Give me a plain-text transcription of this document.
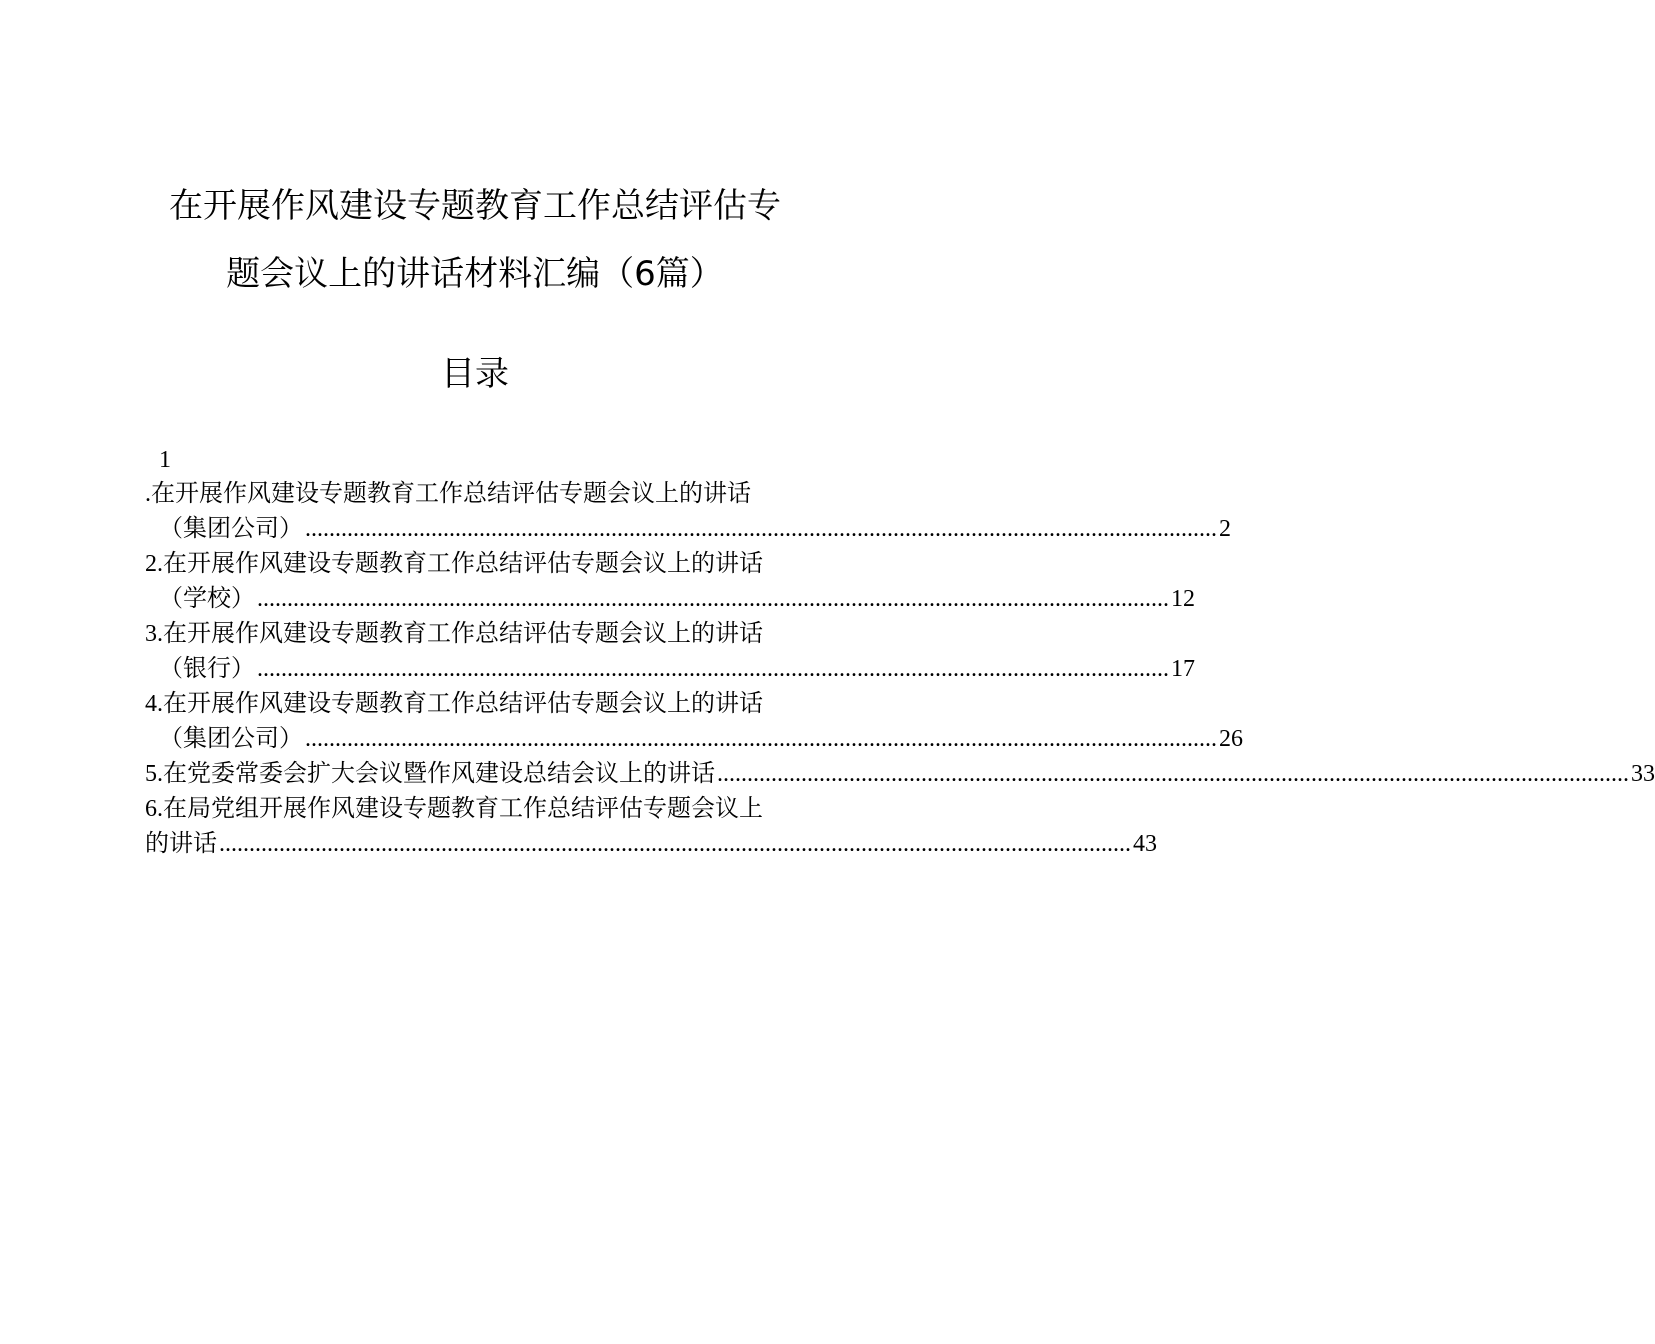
在开展作风建设专题教育工作总结评估专
题会议上的讲话材料汇编（6篇）
目录
1
.在开展作风建设专题教育工作总结评估专题会议上的讲话
（集团公司） ........................................................................................................................................................ 2
2.在开展作风建设专题教育工作总结评估专题会议上的讲话
（学校） ........................................................................................................................................................ 12
3.在开展作风建设专题教育工作总结评估专题会议上的讲话
（银行） ........................................................................................................................................................ 17
4.在开展作风建设专题教育工作总结评估专题会议上的讲话
（集团公司） ........................................................................................................................................................ 26
5. 在党委常委会扩大会议暨作风建设总结会议上的讲话 ........................................................................................................................................................ 33
6.在局党组开展作风建设专题教育工作总结评估专题会议上
的讲话 ........................................................................................................................................................ 43
